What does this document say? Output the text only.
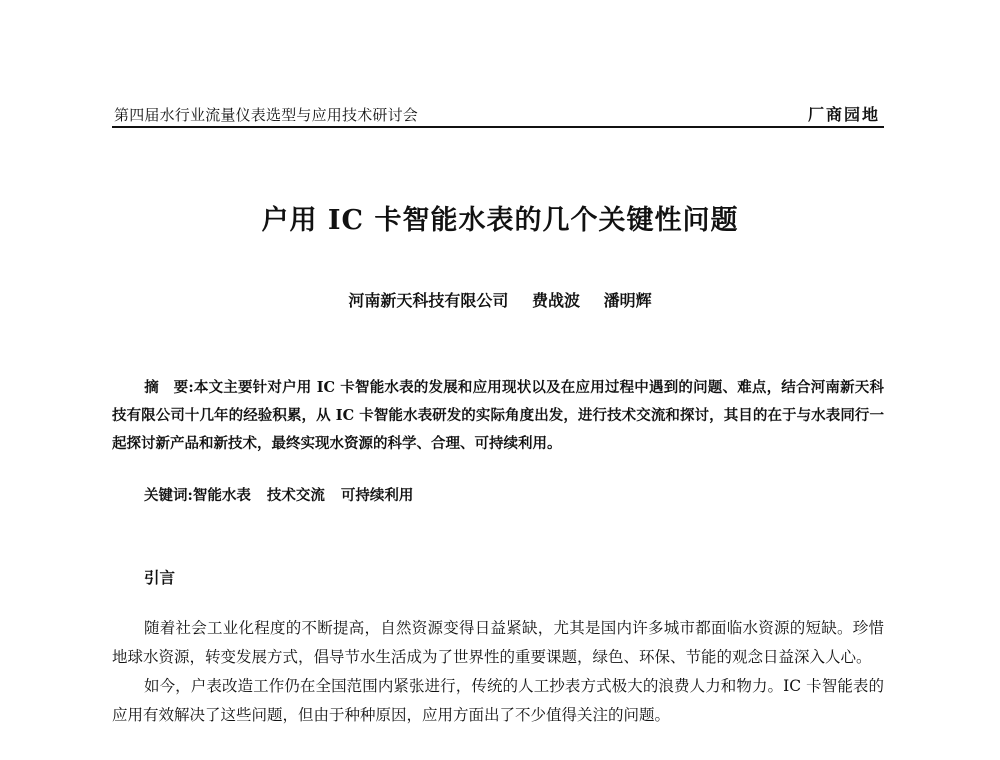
第四届水行业流量仪表选型与应用技术研讨会	厂商园地
户用 IC 卡智能水表的几个关键性问题
河南新天科技有限公司 费战波 潘明辉
摘　要:本文主要针对户用 IC 卡智能水表的发展和应用现状以及在应用过程中遇到的问题、难点，结合河南新天科技有限公司十几年的经验积累，从 IC 卡智能水表研发的实际角度出发，进行技术交流和探讨，其目的在于与水表同行一起探讨新产品和新技术，最终实现水资源的科学、合理、可持续利用。
关键词:智能水表 技术交流 可持续利用
引言

随着社会工业化程度的不断提高，自然资源变得日益紧缺，尤其是国内许多城市都面临水资源的短缺。珍惜地球水资源，转变发展方式，倡导节水生活成为了世界性的重要课题，绿色、环保、节能的观念日益深入人心。

如今，户表改造工作仍在全国范围内紧张进行，传统的人工抄表方式极大的浪费人力和物力。IC 卡智能表的应用有效解决了这些问题，但由于种种原因，应用方面出了不少值得关注的问题。
